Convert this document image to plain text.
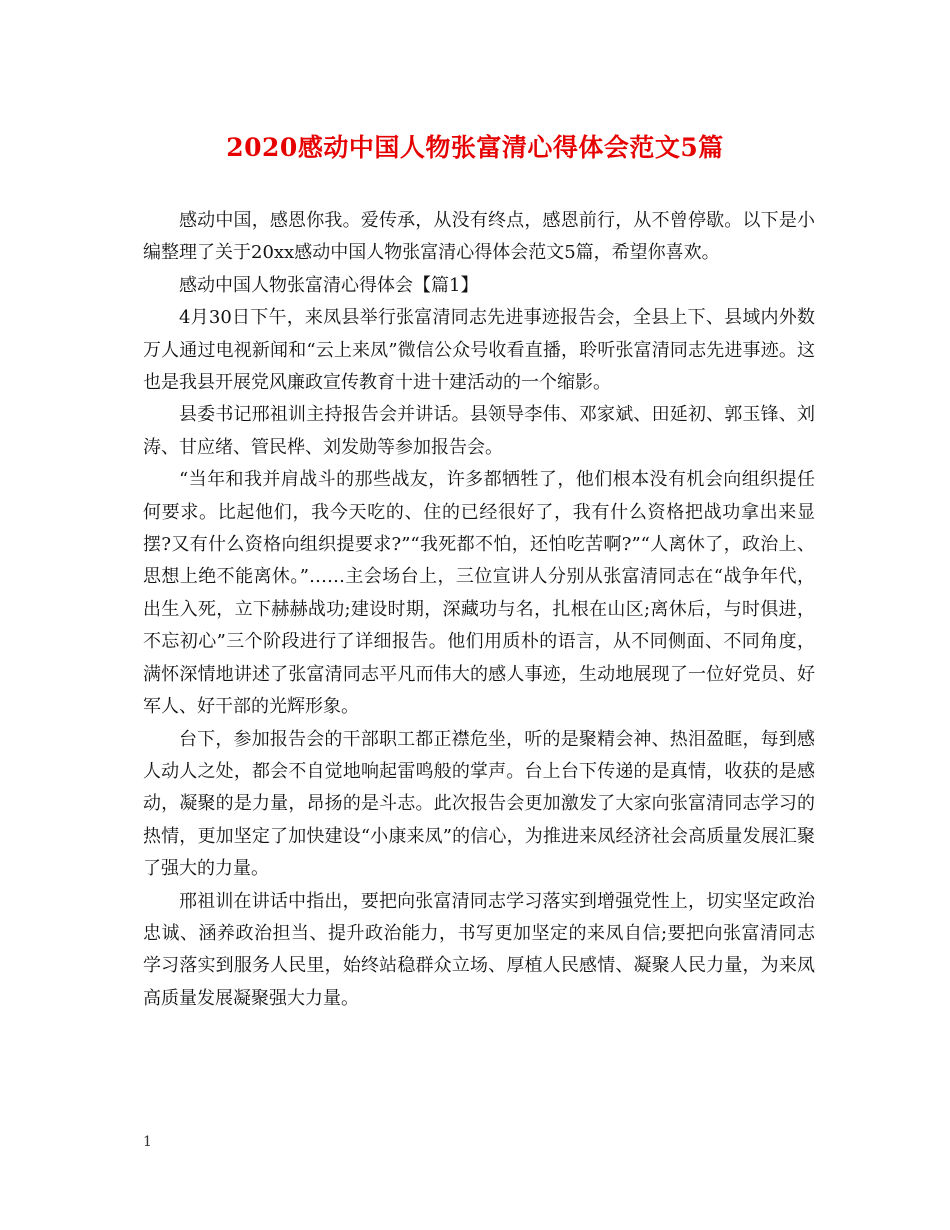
2020感动中国人物张富清心得体会范文5篇

感动中国，感恩你我。爱传承，从没有终点，感恩前行，从不曾停歇。以下是小编整理了关于20xx感动中国人物张富清心得体会范文5篇，希望你喜欢。

感动中国人物张富清心得体会【篇1】

4月30日下午，来凤县举行张富清同志先进事迹报告会，全县上下、县域内外数万人通过电视新闻和“云上来凤”微信公众号收看直播，聆听张富清同志先进事迹。这也是我县开展党风廉政宣传教育十进十建活动的一个缩影。

县委书记邢祖训主持报告会并讲话。县领导李伟、邓家斌、田延初、郭玉锋、刘涛、甘应绪、管民桦、刘发勋等参加报告会。

“当年和我并肩战斗的那些战友，许多都牺牲了，他们根本没有机会向组织提任何要求。比起他们，我今天吃的、住的已经很好了，我有什么资格把战功拿出来显摆?又有什么资格向组织提要求?”“我死都不怕，还怕吃苦啊?”“人离休了，政治上、思想上绝不能离休。”……主会场台上，三位宣讲人分别从张富清同志在“战争年代，出生入死，立下赫赫战功;建设时期，深藏功与名，扎根在山区;离休后，与时俱进，不忘初心”三个阶段进行了详细报告。他们用质朴的语言，从不同侧面、不同角度，满怀深情地讲述了张富清同志平凡而伟大的感人事迹，生动地展现了一位好党员、好军人、好干部的光辉形象。

台下，参加报告会的干部职工都正襟危坐，听的是聚精会神、热泪盈眶，每到感人动人之处，都会不自觉地响起雷鸣般的掌声。台上台下传递的是真情，收获的是感动，凝聚的是力量，昂扬的是斗志。此次报告会更加激发了大家向张富清同志学习的热情，更加坚定了加快建设“小康来凤”的信心，为推进来凤经济社会高质量发展汇聚了强大的力量。

邢祖训在讲话中指出，要把向张富清同志学习落实到增强党性上，切实坚定政治忠诚、涵养政治担当、提升政治能力，书写更加坚定的来凤自信;要把向张富清同志学习落实到服务人民里，始终站稳群众立场、厚植人民感情、凝聚人民力量，为来凤高质量发展凝聚强大力量。

1
